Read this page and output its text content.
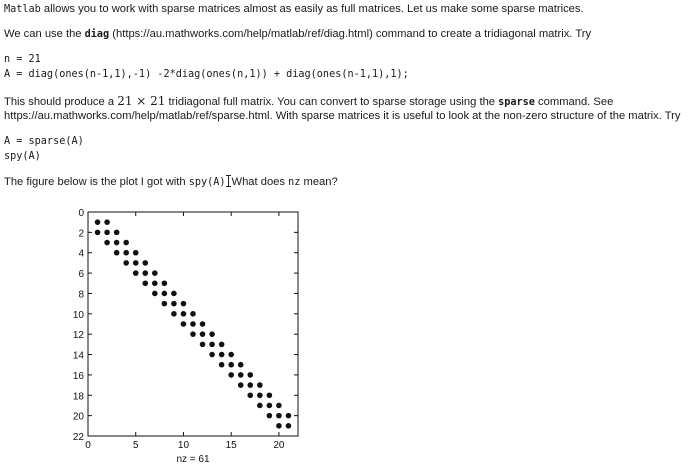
Matlab allows you to work with sparse matrices almost as easily as full matrices. Let us make some sparse matrices.
We can use the diag (https://au.mathworks.com/help/matlab/ref/diag.html) command to create a tridiagonal matrix. Try
n = 21
A = diag(ones(n-1,1),-1) -2*diag(ones(n,1)) + diag(ones(n-1,1),1);
This should produce a 21 × 21 tridiagonal full matrix. You can convert to sparse storage using the sparse command. See
https://au.mathworks.com/help/matlab/ref/sparse.html. With sparse matrices it is useful to look at the non-zero structure of the matrix. Try
A = sparse(A)
spy(A)
The figure below is the plot I got with spy(A) What does nz mean?
0	5	10	15	20
0
2
4
6
8
10
12
14
16
18
20
22
nz = 61
